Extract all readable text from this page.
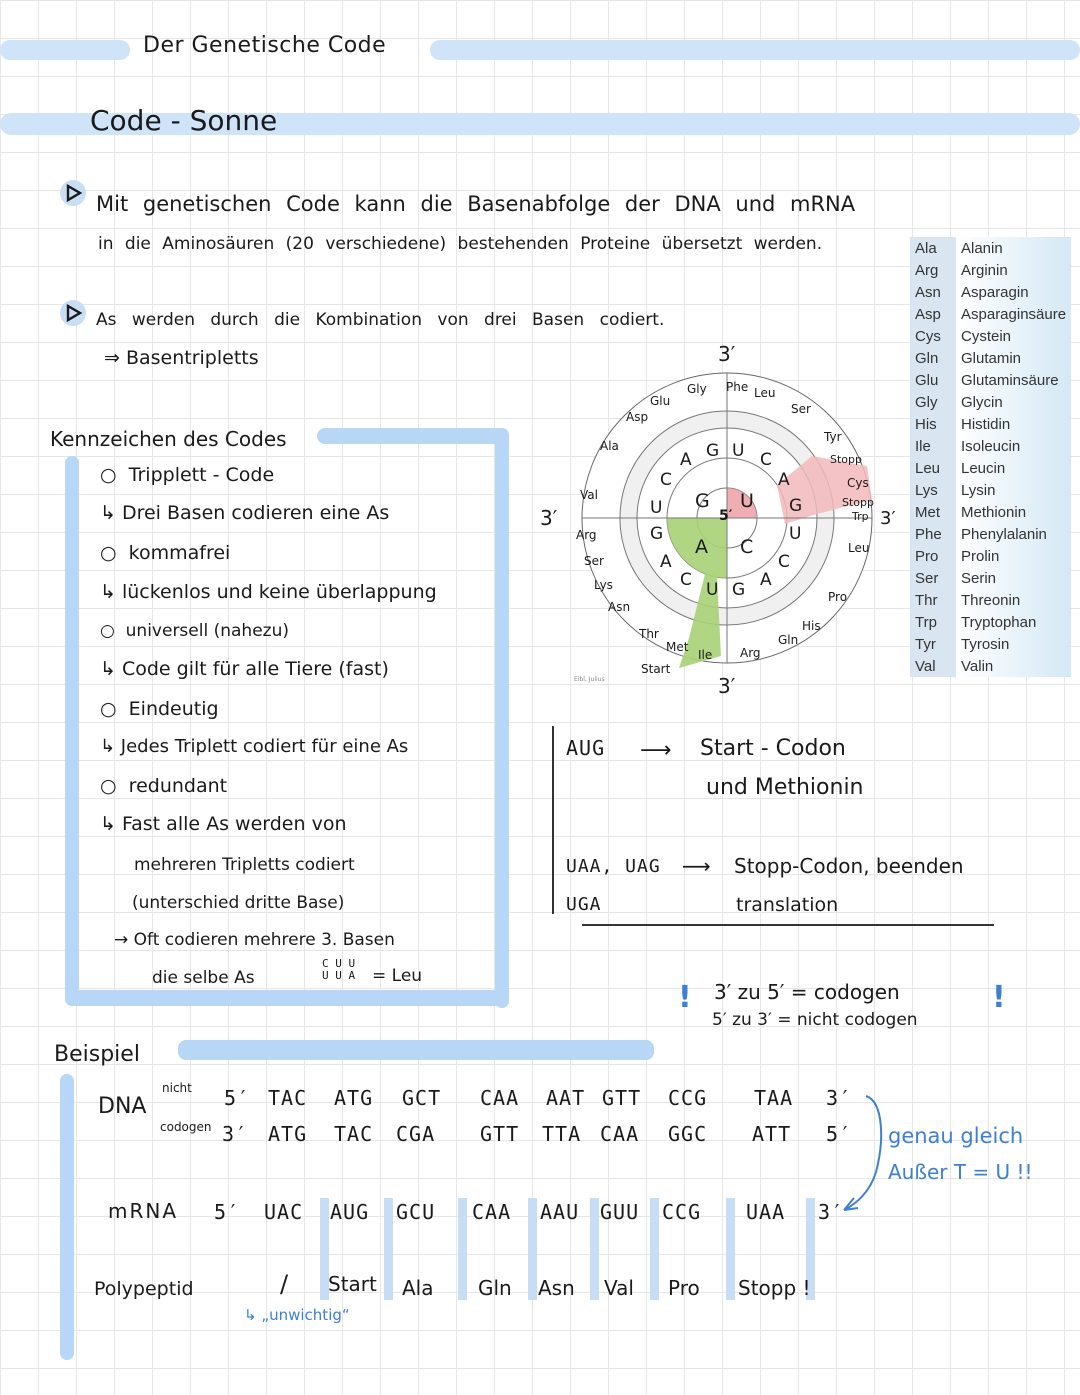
Der Genetische Code
Code - Sonne
Mit genetischen Code kann die Basenabfolge der DNA und mRNA
in die Aminosäuren (20 verschiedene) bestehenden Proteine übersetzt werden.
As werden durch die Kombination von drei Basen codiert.
⇒ Basentripletts
Kennzeichen des Codes
○  Tripplett - Code
↳ Drei Basen codieren eine As
○  kommafrei
↳ lückenlos und keine überlappung
○  universell (nahezu)
↳ Code gilt für alle Tiere (fast)
○  Eindeutig
↳ Jedes Triplett codiert für eine As
○  redundant
↳ Fast alle As werden von
mehreren Tripletts codiert
(unterschied dritte Base)
→ Oft codieren mehrere 3. Basen
die selbe As
C U U
U U A = Leu
3′
3′	3′
3′
5′
G U
A C
A G U C
A
G
U
C
A
G
U
C
A
G
U
C
Gly Phe Leu
Ser
Tyr
Stopp
Cys
Stopp
Trp
Leu
Pro
His
Gln
Arg
Ile
Met
Start
Thr
Asn
Lys
Ser
Arg
Val
Ala
Asp
Glu
Eibl, Julius
Ala	Alanin
Arg	Arginin
Asn	Asparagin
Asp	Asparaginsäure
Cys	Cystein
Gln	Glutamin
Glu	Glutaminsäure
Gly	Glycin
His	Histidin
Ile	Isoleucin
Leu	Leucin
Lys	Lysin
Met	Methionin
Phe	Phenylalanin
Pro	Prolin
Ser	Serin
Thr	Threonin
Trp	Tryptophan
Tyr	Tyrosin
Val	Valin
AUG ⟶ Start - Codon
und Methionin
UAA, UAG ⟶ Stopp-Codon, beenden
UGA	translation
! 3′ zu 5′ = codogen
5′ zu 3′ = nicht codogen
!
Beispiel
DNA
nicht
codogen
5′ TAC ATG GCT CAA AAT GTT CCG TAA 3′
3′ ATG TAC CGA GTT TTA CAA GGC ATT 5′ genau gleich
Außer T = U !!
mRNA 5′ UAC AUG GCU CAA AAU GUU CCG UAA 3′
Polypeptid	/ Start Ala Gln Asn Val Pro Stopp !
↳ „unwichtig“
